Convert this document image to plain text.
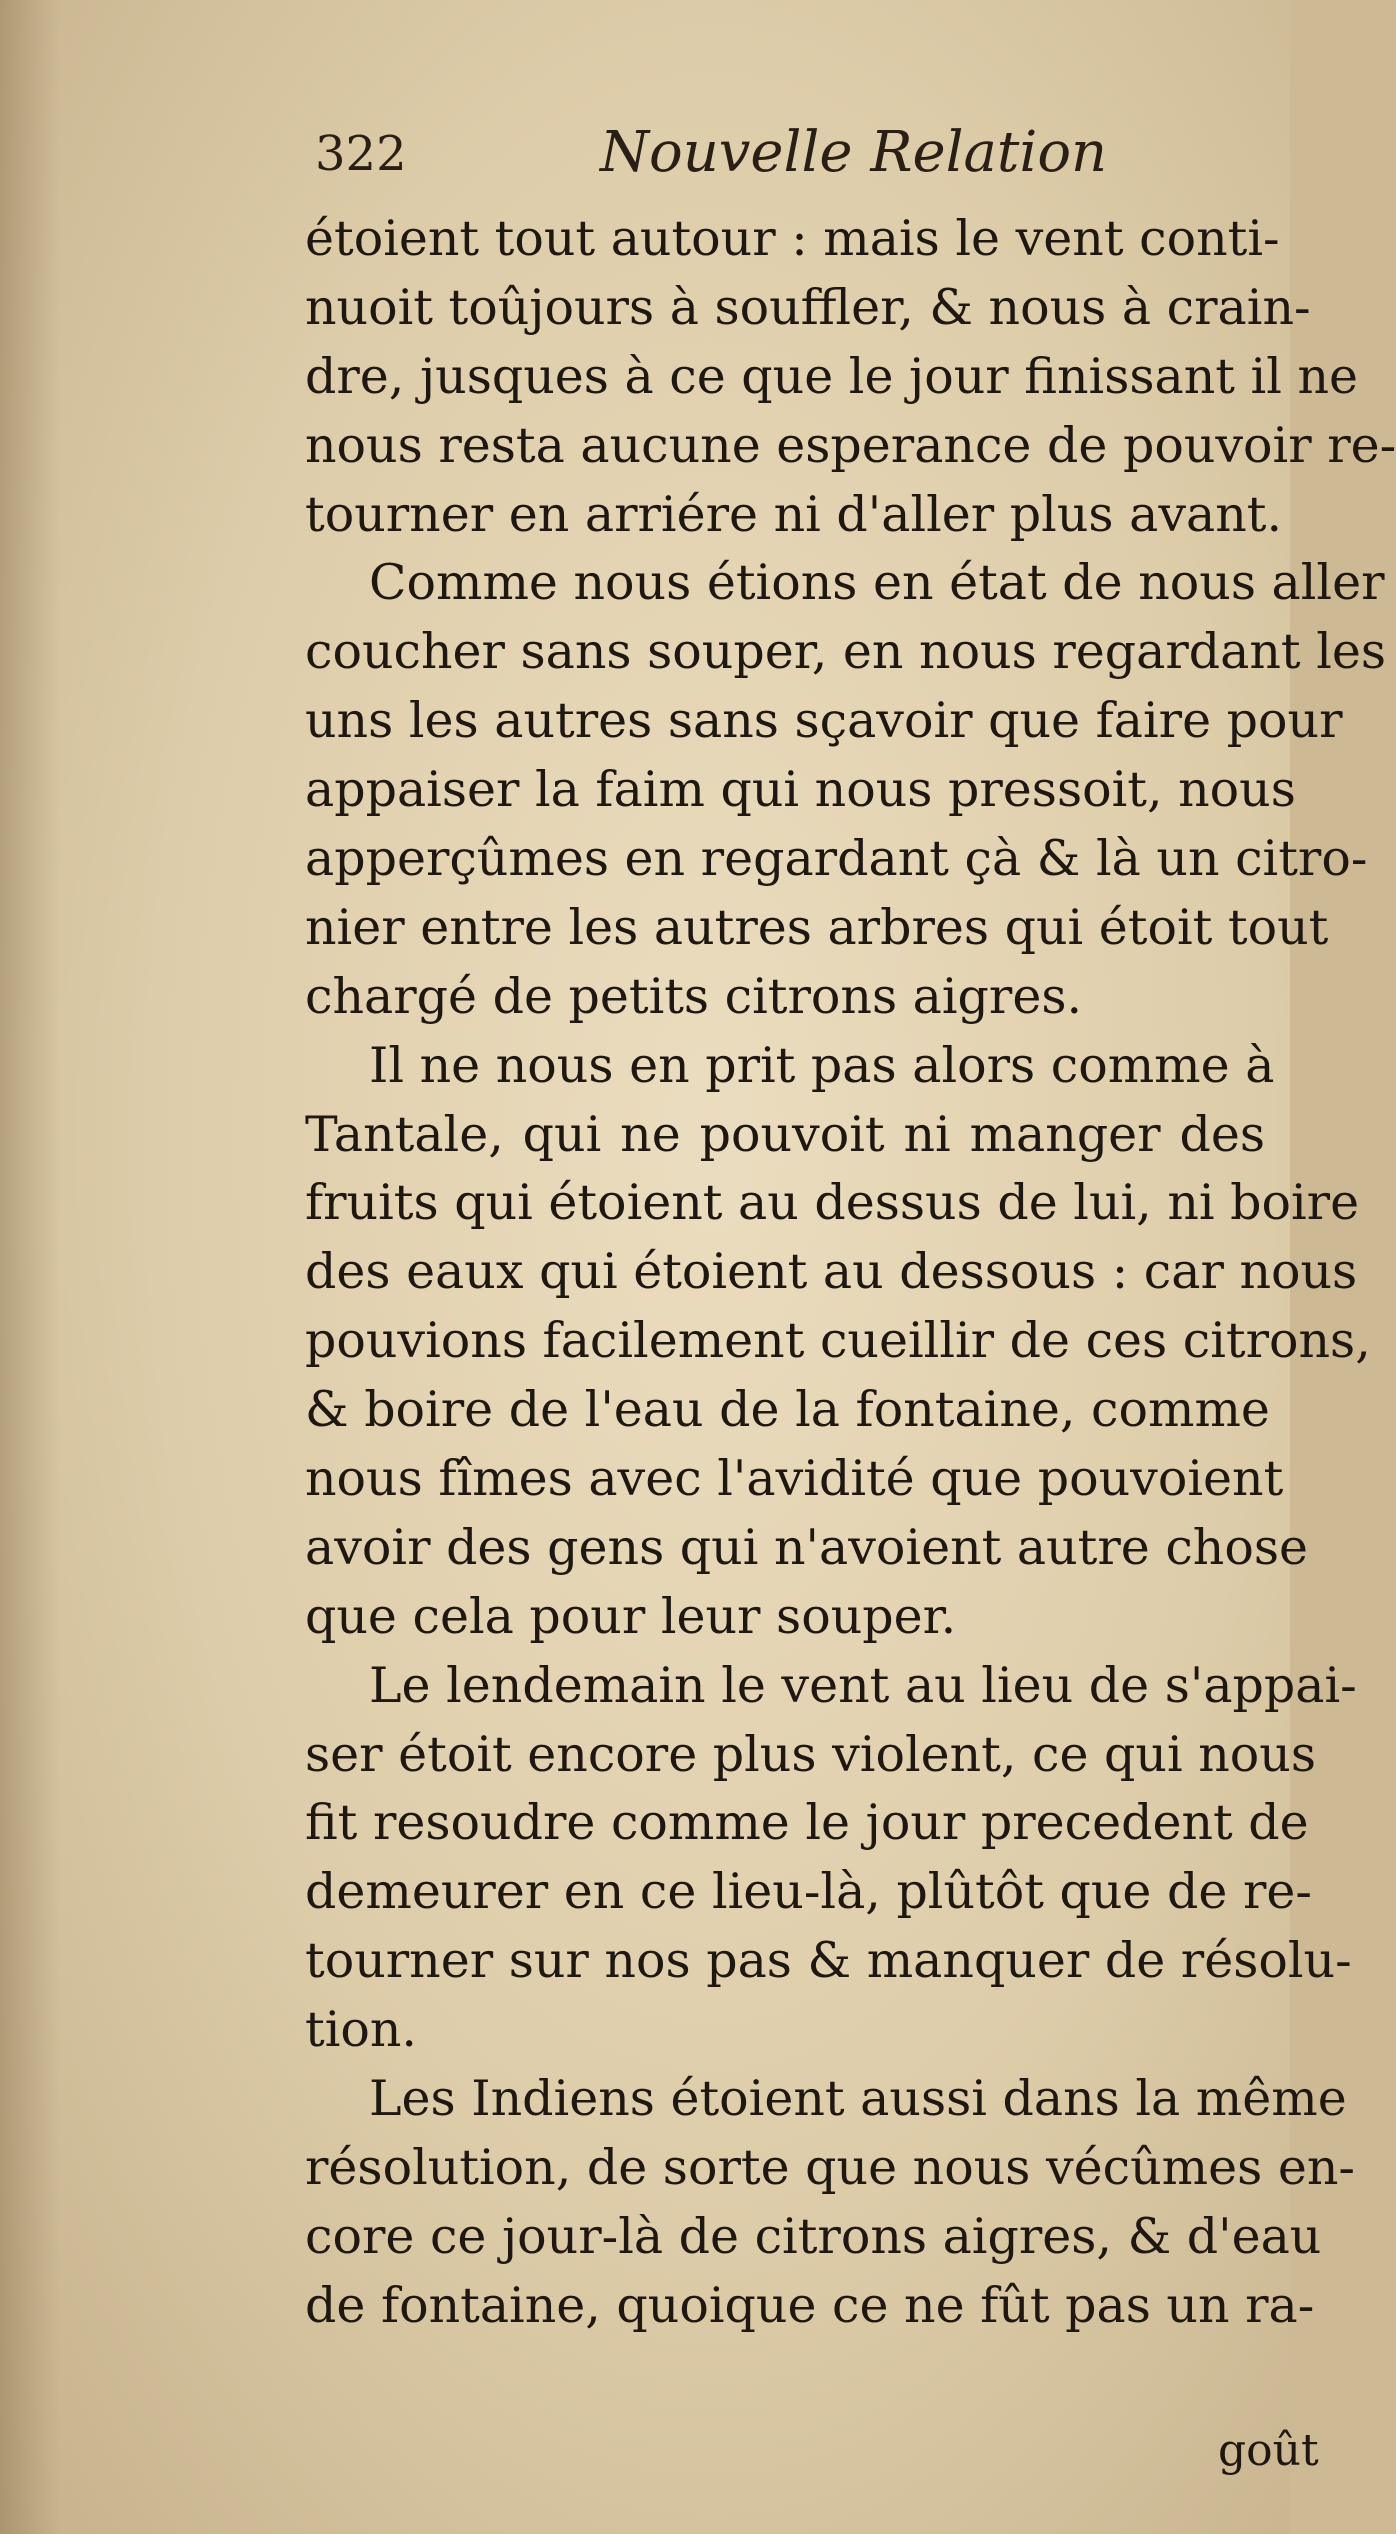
322	Nouvelle Relation
étoient tout autour : mais le vent conti-
nuoit toûjours à souffler, & nous à crain-
dre, jusques à ce que le jour finissant il ne
nous resta aucune esperance de pouvoir re-
tourner en arriére ni d'aller plus avant.
Comme nous étions en état de nous aller
coucher sans souper, en nous regardant les
uns les autres sans sçavoir que faire pour
appaiser la faim qui nous pressoit, nous
apperçûmes en regardant çà & là un citro-
nier entre les autres arbres qui étoit tout
chargé de petits citrons aigres.
Il ne nous en prit pas alors comme à
Tantale, qui ne pouvoit ni manger des
fruits qui étoient au dessus de lui, ni boire
des eaux qui étoient au dessous : car nous
pouvions facilement cueillir de ces citrons,
& boire de l'eau de la fontaine, comme
nous fîmes avec l'avidité que pouvoient
avoir des gens qui n'avoient autre chose
que cela pour leur souper.
Le lendemain le vent au lieu de s'appai-
ser étoit encore plus violent, ce qui nous
fit resoudre comme le jour precedent de
demeurer en ce lieu-là, plûtôt que de re-
tourner sur nos pas & manquer de résolu-
tion.
Les Indiens étoient aussi dans la même
résolution, de sorte que nous vécûmes en-
core ce jour-là de citrons aigres, & d'eau
de fontaine, quoique ce ne fût pas un ra-
goût
